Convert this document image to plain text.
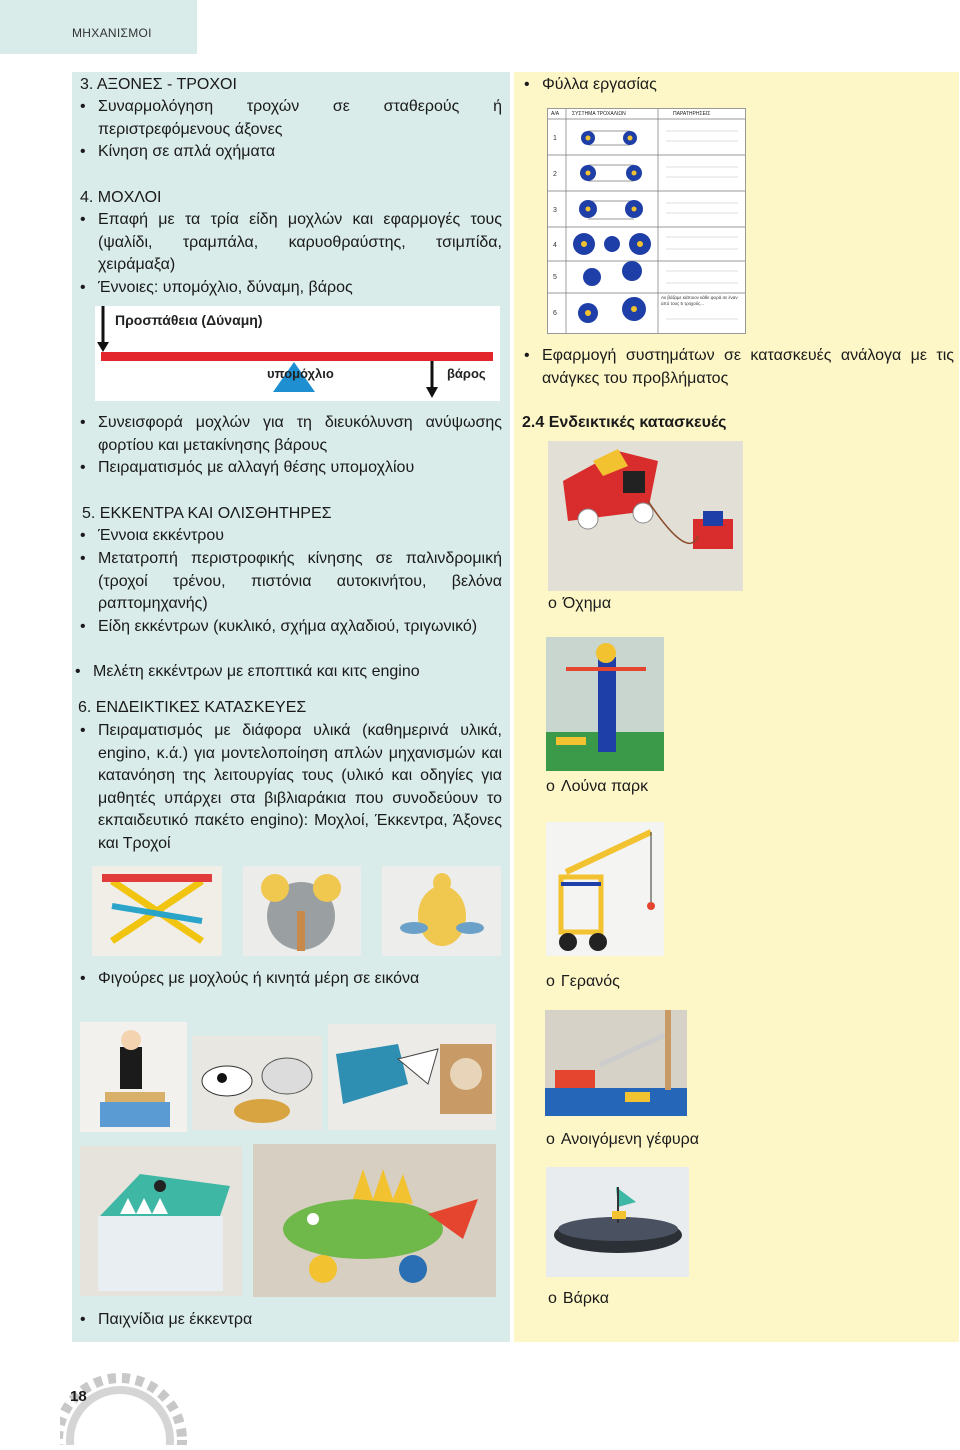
ΜΗΧΑΝΙΣΜΟΙ
3. ΑΞΟΝΕΣ - ΤΡΟΧΟΙ
• Συναρμολόγηση τροχών σε σταθερούς ή περιστρεφόμενους άξονες
• Κίνηση σε απλά οχήματα
4. ΜΟΧΛΟΙ
• Επαφή με τα τρία είδη μοχλών και εφαρμογές τους (ψαλίδι, τραμπάλα, καρυοθραύστης, τσιμπίδα, χειράμαξα)
• Έννοιες: υπομόχλιο, δύναμη, βάρος
Προσπάθεια (Δύναμη)
υπομόχλιο	βάρος
• Συνεισφορά μοχλών για τη διευκόλυνση ανύψωσης φορτίου και μετακίνησης βάρους
• Πειραματισμός με αλλαγή θέσης υπομοχλίου
5. ΕΚΚΕΝΤΡΑ ΚΑΙ ΟΛΙΣΘΗΤΗΡΕΣ
• Έννοια εκκέντρου
• Μετατροπή περιστροφικής κίνησης σε παλινδρομική (τροχοί τρένου, πιστόνια αυτοκινήτου, βελόνα ραπτομηχανής)
• Είδη εκκέντρων (κυκλικό, σχήμα αχλαδιού, τριγωνικό)
• Μελέτη εκκέντρων με εποπτικά και κιτς engino
6. ΕΝΔΕΙΚΤΙΚΕΣ ΚΑΤΑΣΚΕΥΕΣ
• Πειραματισμός με διάφορα υλικά (καθημερινά υλικά, engino, κ.ά.) για μοντελοποίηση απλών μηχανισμών και κατανόηση της λειτουργίας τους (υλικό και οδηγίες για μαθητές υπάρχει στα βιβλιαράκια που συνοδεύουν το εκπαιδευτικό πακέτο engino): Μοχλοί, Έκκεντρα, Άξονες και Τροχοί
• Φιγούρες με μοχλούς ή κινητά μέρη σε εικόνα
• Παιχνίδια με έκκεντρα
• Φύλλα εργασίας
Α/Α	ΣΥΣΤΗΜΑ ΤΡΟΧΑΛΙΩΝ	ΠΑΡΑΤΗΡΗΣΕΙΣ
1
2
3
4
5
6
Αν βάζαμε κάποιον κάθε φορά σε έναν από τους 5 τροχούς...
• Εφαρμογή συστημάτων σε κατασκευές ανάλογα με τις ανάγκες του προβλήματος
2.4 Ενδεικτικές κατασκευές
o Όχημα
o Λούνα παρκ
o Γερανός
o Ανοιγόμενη γέφυρα
o Βάρκα
18
